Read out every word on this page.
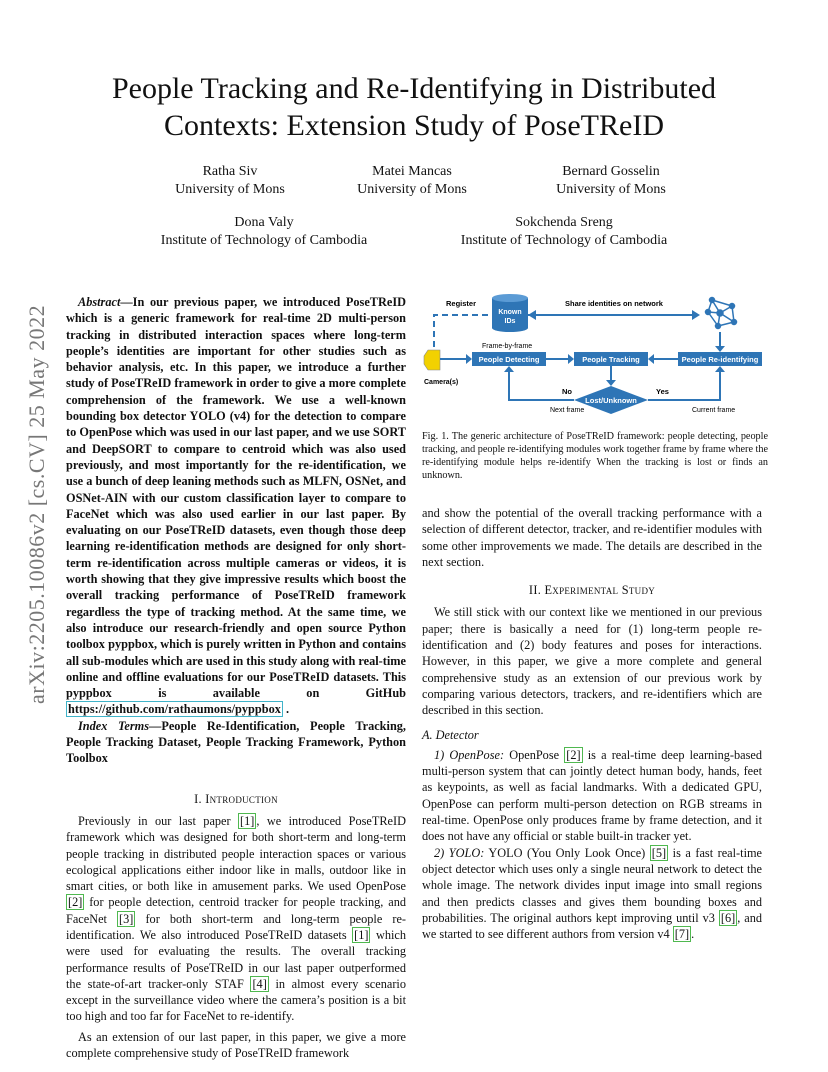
arXiv:2205.10086v2 [cs.CV] 25 May 2022
People Tracking and Re-Identifying in Distributed
Contexts: Extension Study of PoseTReID
Ratha Siv
University of Mons
Matei Mancas
University of Mons
Bernard Gosselin
University of Mons
Dona Valy
Institute of Technology of Cambodia
Sokchenda Sreng
Institute of Technology of Cambodia

Abstract—In our previous paper, we introduced PoseTReID which is a generic framework for real-time 2D multi-person tracking in distributed interaction spaces where long-term people’s identities are important for other studies such as behavior analysis, etc. In this paper, we introduce a further study of PoseTReID framework in order to give a more complete comprehension of the framework. We use a well-known bounding box detector YOLO (v4) for the detection to compare to OpenPose which was used in our last paper, and we use SORT and DeepSORT to compare to centroid which was also used previously, and most importantly for the re-identification, we use a bunch of deep leaning methods such as MLFN, OSNet, and OSNet-AIN with our custom classification layer to compare to FaceNet which was also used earlier in our last paper. By evaluating on our PoseTReID datasets, even though those deep learning re-identification methods are designed for only short-term re-identification across multiple cameras or videos, it is worth showing that they give impressive results which boost the overall tracking performance of PoseTReID framework regardless the type of tracking method. At the same time, we also introduce our research-friendly and open source Python toolbox pyppbox, which is purely written in Python and contains all sub-modules which are used in this study along with real-time online and offline evaluations for our PoseTReID datasets. This pyppbox is available on GitHub https://github.com/rathaumons/pyppbox .

Index Terms—People Re-Identification, People Tracking, People Tracking Dataset, People Tracking Framework, Python Toolbox

I. Introduction

Previously in our last paper [1] , we introduced PoseTReID framework which was designed for both short-term and long-term people tracking in distributed people interaction spaces or various ecological applications either indoor like in malls, outdoor like in smart cities, or both like in amusement parks. We used OpenPose [2] for people detection, centroid tracker for people tracking, and FaceNet [3] for both short-term and long-term people re-identification. We also introduced PoseTReID datasets [1] which were used for evaluating the results. The overall tracking performance results of PoseTReID in our last paper outperformed the state-of-art tracker-only STAF [4] in almost every scenario except in the surveillance video where the camera’s position is a bit too high and too far for FaceNet to re-identify.

As an extension of our last paper, in this paper, we give a more complete comprehensive study of PoseTReID framework

Register
Known
IDs
Share identities on network
Camera(s)
Frame-by-frame
People Detecting	People Tracking	People Re-identifying
Lost/Unknown
No
Next frame
Yes
Current frame
Fig. 1. The generic architecture of PoseTReID framework: people detecting, people tracking, and people re-identifying modules work together frame by frame where the re-identifying module helps re-identify When the tracking is lost or finds an unknown.

and show the potential of the overall tracking performance with a selection of different detector, tracker, and re-identifier modules with some other improvements we made. The details are described in the next section.

II. Experimental Study

We still stick with our context like we mentioned in our previous paper; there is basically a need for (1) long-term people re-identification and (2) body features and poses for interactions. However, in this paper, we give a more complete and general comprehensive study as an extension of our previous work by comparing various detectors, trackers, and re-identifiers which are described in this section.

A. Detector

1) OpenPose: OpenPose [2] is a real-time deep learning-based multi-person system that can jointly detect human body, hands, feet as keypoints, as well as facial landmarks. With a dedicated GPU, OpenPose can perform multi-person detection on RGB streams in real-time. OpenPose only produces frame by frame detection, and it does not have any official or stable built-in tracker yet.

2) YOLO: YOLO (You Only Look Once) [5] is a fast real-time object detector which uses only a single neural network to detect the whole image. The network divides input image into small regions and then predicts classes and gives them bounding boxes and probabilities. The original authors kept improving until v3 [6] , and we started to see different authors from version v4 [7] .
